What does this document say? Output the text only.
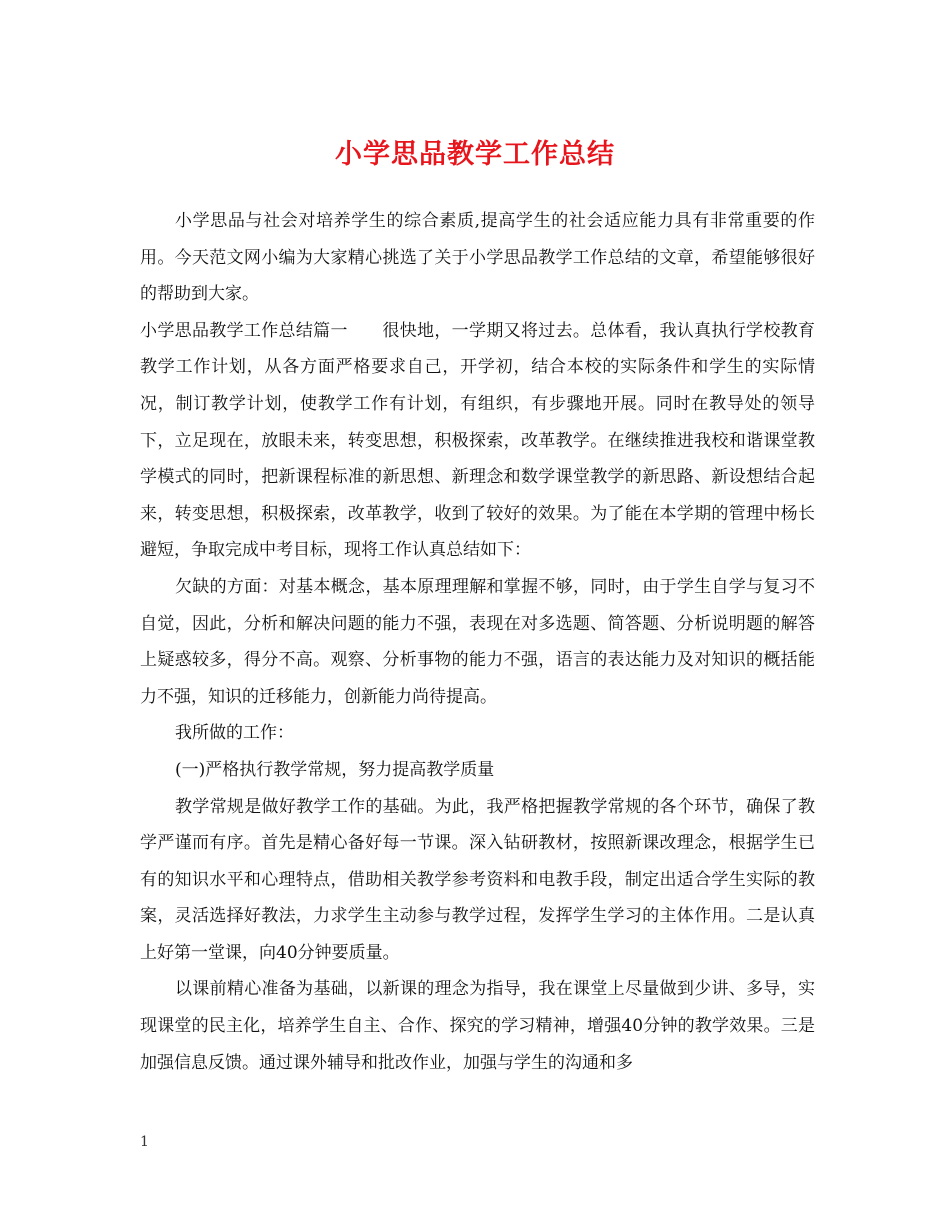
小学思品教学工作总结

小学思品与社会对培养学生的综合素质,提高学生的社会适应能力具有非常重要的作用。今天范文网小编为大家精心挑选了关于小学思品教学工作总结的文章，希望能够很好的帮助到大家。

小学思品教学工作总结篇一　　很快地，一学期又将过去。总体看，我认真执行学校教育教学工作计划，从各方面严格要求自己，开学初，结合本校的实际条件和学生的实际情况，制订教学计划，使教学工作有计划，有组织，有步骤地开展。同时在教导处的领导下，立足现在，放眼未来，转变思想，积极探索，改革教学。在继续推进我校和谐课堂教学模式的同时，把新课程标准的新思想、新理念和数学课堂教学的新思路、新设想结合起来，转变思想，积极探索，改革教学，收到了较好的效果。为了能在本学期的管理中杨长避短，争取完成中考目标，现将工作认真总结如下：

欠缺的方面：对基本概念，基本原理理解和掌握不够，同时，由于学生自学与复习不自觉，因此，分析和解决问题的能力不强，表现在对多选题、简答题、分析说明题的解答上疑惑较多，得分不高。观察、分析事物的能力不强，语言的表达能力及对知识的概括能力不强，知识的迁移能力，创新能力尚待提高。

我所做的工作：

(一)严格执行教学常规，努力提高教学质量

教学常规是做好教学工作的基础。为此，我严格把握教学常规的各个环节，确保了教学严谨而有序。首先是精心备好每一节课。深入钻研教材，按照新课改理念，根据学生已有的知识水平和心理特点，借助相关教学参考资料和电教手段，制定出适合学生实际的教案，灵活选择好教法，力求学生主动参与教学过程，发挥学生学习的主体作用。二是认真上好第一堂课，向40分钟要质量。

以课前精心准备为基础，以新课的理念为指导，我在课堂上尽量做到少讲、多导，实现课堂的民主化，培养学生自主、合作、探究的学习精神，增强40分钟的教学效果。三是加强信息反馈。通过课外辅导和批改作业，加强与学生的沟通和多

1
